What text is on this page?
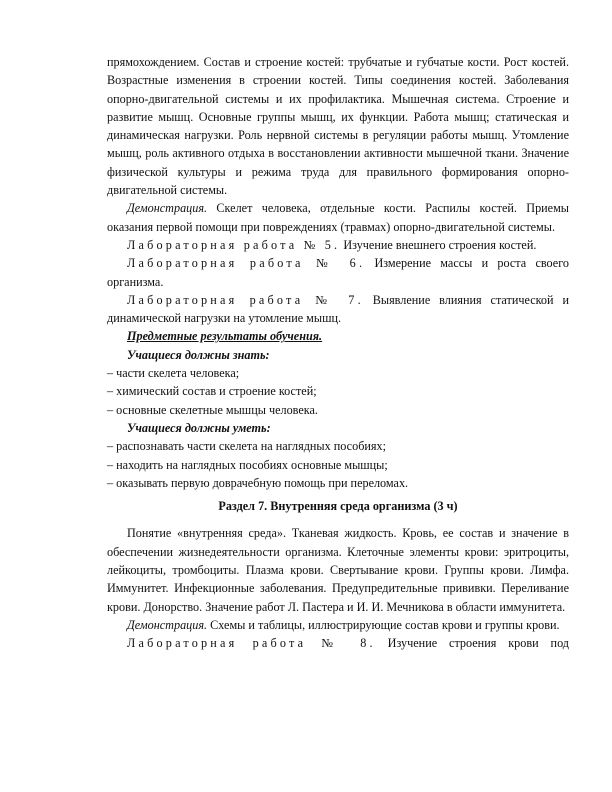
прямохождением. Состав и строение костей: трубчатые и губчатые кости. Рост костей. Возрастные изменения в строении костей. Типы соединения костей. Заболевания опорно-двигательной системы и их профилактика. Мышечная система. Строение и развитие мышц. Основные группы мышц, их функции. Работа мышц; статическая и динамическая нагрузки. Роль нервной системы в регуляции работы мышц. Утомление мышц, роль активного отдыха в восстановлении активности мышечной ткани. Значение физической культуры и режима труда для правильного формирования опорно-двигательной системы.

Демонстрация. Скелет человека, отдельные кости. Распилы костей. Приемы оказания первой помощи при повреждениях (травмах) опорно-двигательной системы.

Лабораторная работа № 5. Изучение внешнего строения костей.

Лабораторная работа № 6. Измерение массы и роста своего организма.

Лабораторная работа № 7. Выявление влияния статической и динамической нагрузки на утомление мышц.

Предметные результаты обучения.

Учащиеся должны знать:

– части скелета человека;

– химический состав и строение костей;

– основные скелетные мышцы человека.

Учащиеся должны уметь:

– распознавать части скелета на наглядных пособиях;

– находить на наглядных пособиях основные мышцы;

– оказывать первую доврачебную помощь при переломах.

Раздел 7. Внутренняя среда организма (3 ч)

Понятие «внутренняя среда». Тканевая жидкость. Кровь, ее состав и значение в обеспечении жизнедеятельности организма. Клеточные элементы крови: эритроциты, лейкоциты, тромбоциты. Плазма крови. Свертывание крови. Группы крови. Лимфа. Иммунитет. Инфекционные заболевания. Предупредительные прививки. Переливание крови. Донорство. Значение работ Л. Пастера и И. И. Мечникова в области иммунитета.

Демонстрация. Схемы и таблицы, иллюстрирующие состав крови и группы крови.

Лабораторная работа № 8. Изучение строения крови под
